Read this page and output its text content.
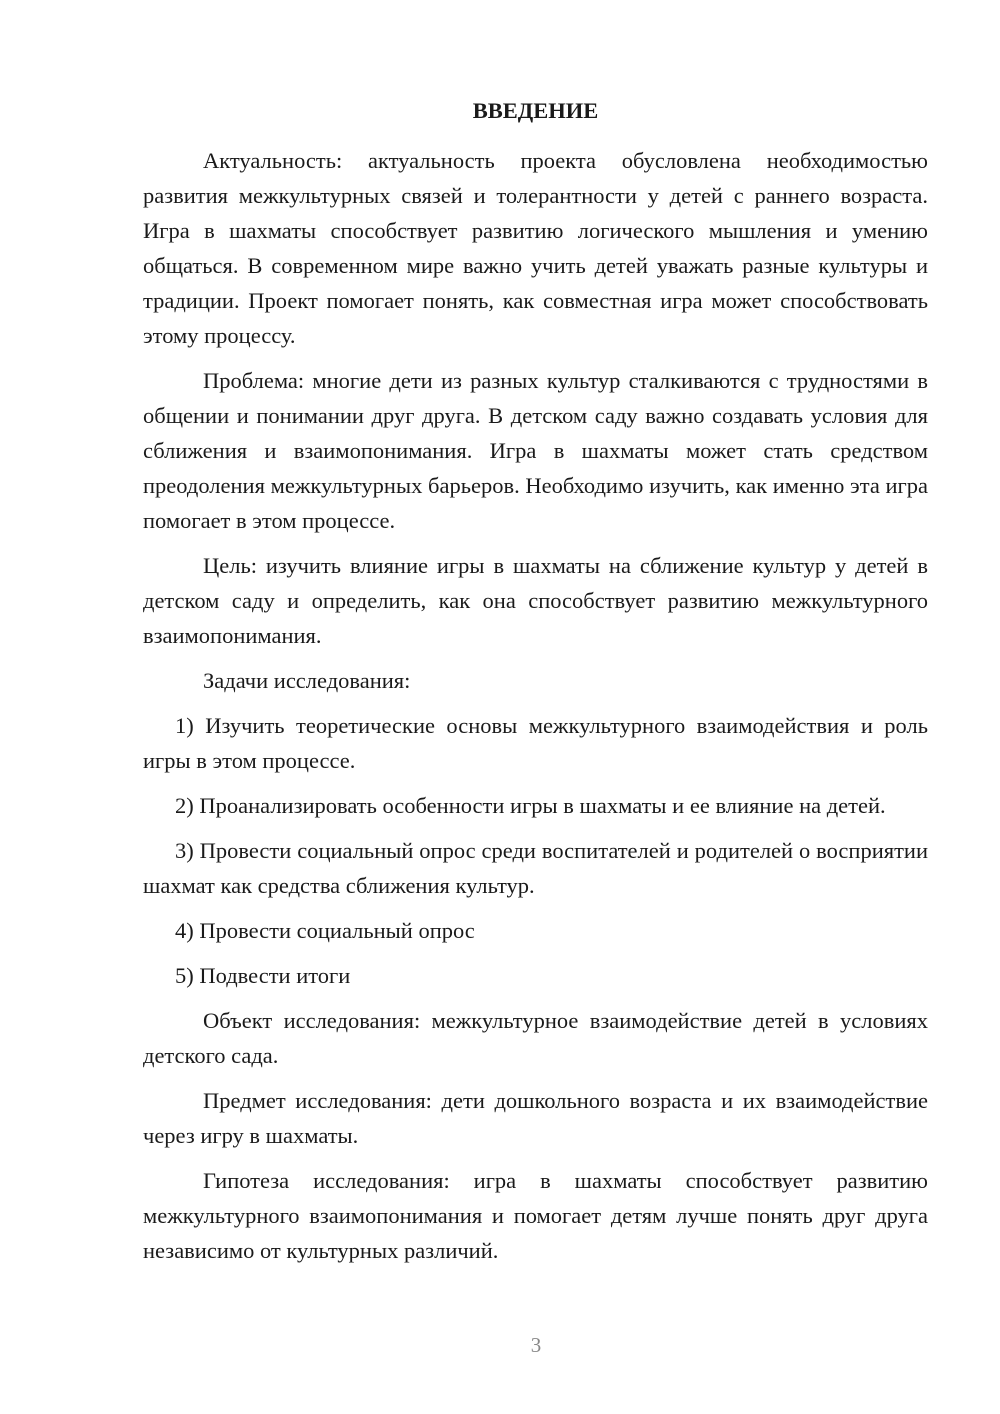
ВВЕДЕНИЕ

Актуальность: актуальность проекта обусловлена необходимостью развития межкультурных связей и толерантности у детей с раннего возраста. Игра в шахматы способствует развитию логического мышления и умению общаться. В современном мире важно учить детей уважать разные культуры и традиции. Проект помогает понять, как совместная игра может способствовать этому процессу.

Проблема: многие дети из разных культур сталкиваются с трудностями в общении и понимании друг друга. В детском саду важно создавать условия для сближения и взаимопонимания. Игра в шахматы может стать средством преодоления межкультурных барьеров. Необходимо изучить, как именно эта игра помогает в этом процессе.

Цель: изучить влияние игры в шахматы на сближение культур у детей в детском саду и определить, как она способствует развитию межкультурного взаимопонимания.

Задачи исследования:

1) Изучить теоретические основы межкультурного взаимодействия и роль игры в этом процессе.

2) Проанализировать особенности игры в шахматы и ее влияние на детей.

3) Провести социальный опрос среди воспитателей и родителей о восприятии шахмат как средства сближения культур.

4) Провести социальный опрос

5) Подвести итоги

Объект исследования: межкультурное взаимодействие детей в условиях детского сада.

Предмет исследования: дети дошкольного возраста и их взаимодействие через игру в шахматы.

Гипотеза исследования: игра в шахматы способствует развитию межкультурного взаимопонимания и помогает детям лучше понять друг друга независимо от культурных различий.

3
